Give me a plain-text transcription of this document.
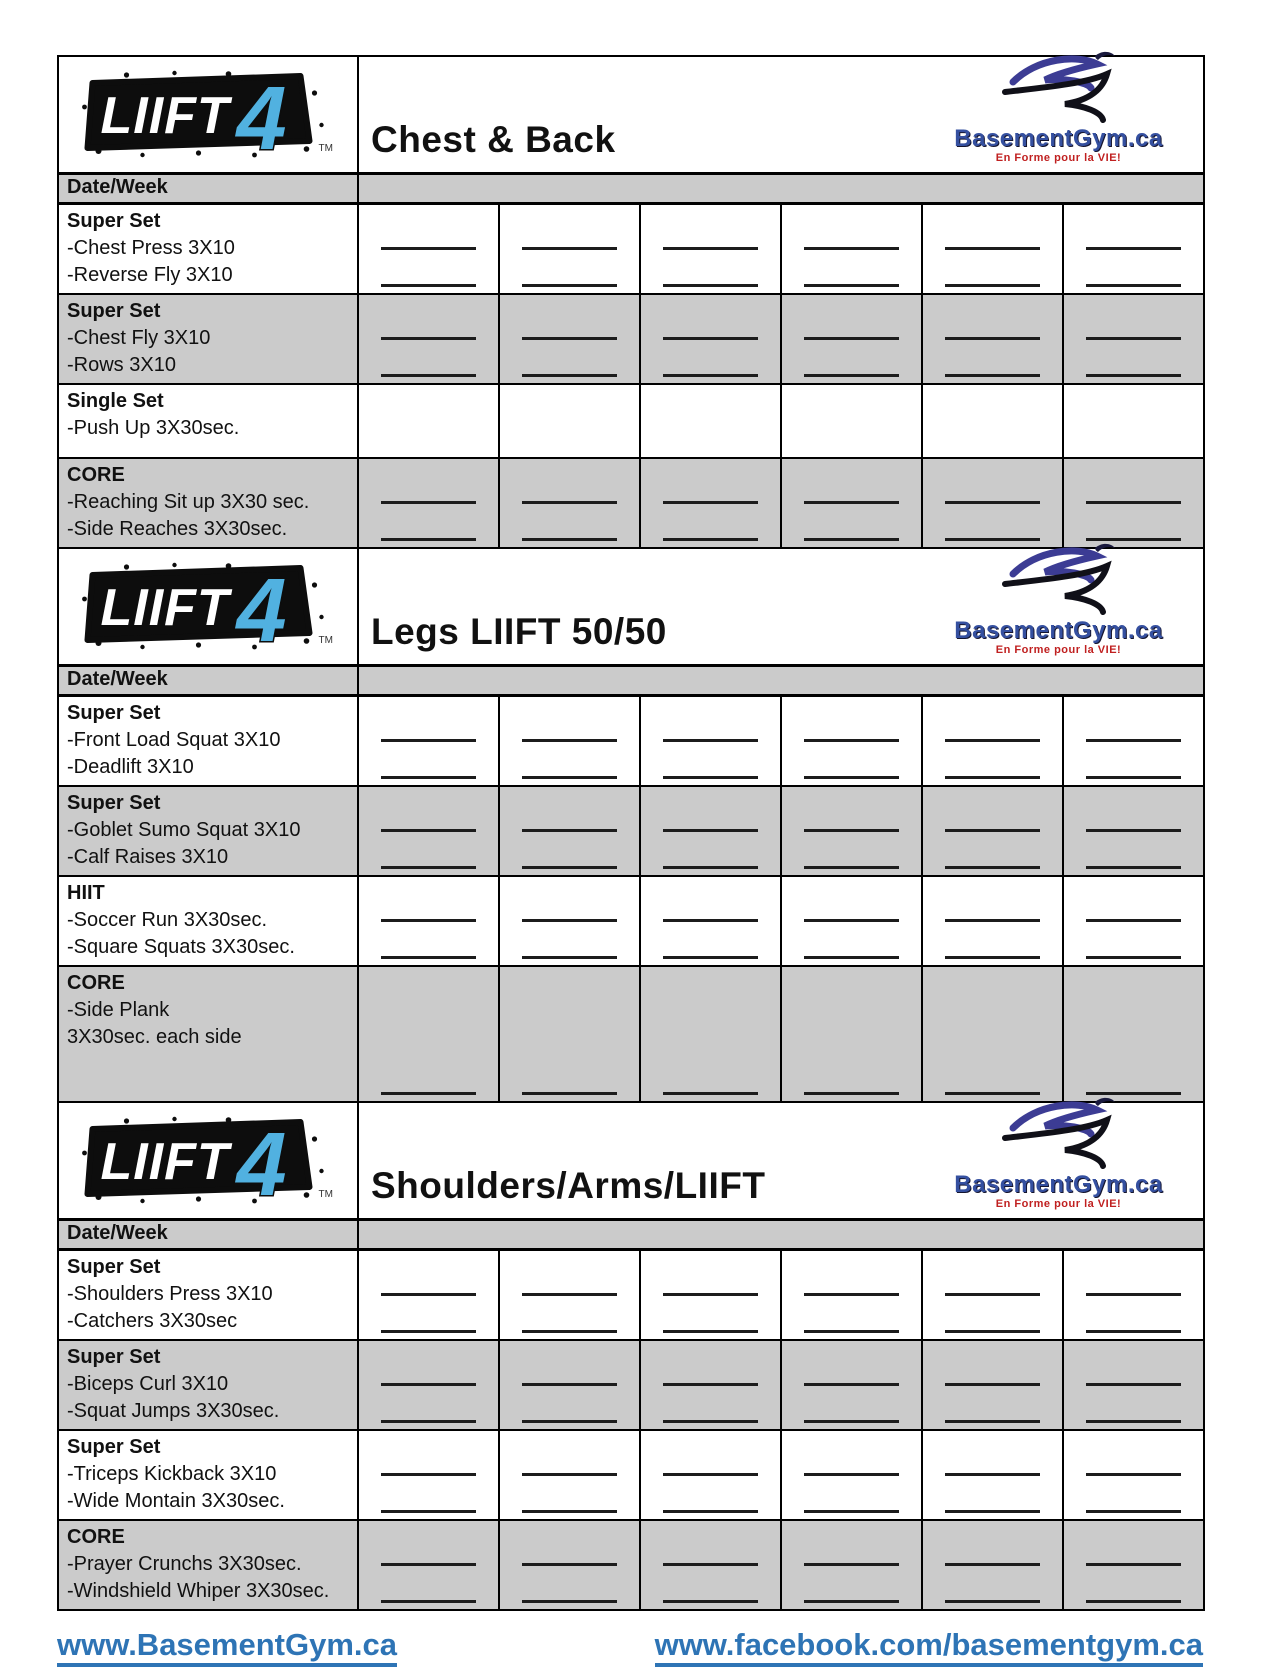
Chest & Back	BasementGym.ca
En Forme pour la VIE!
Date/Week
Super Set
-Chest Press 3X10
-Reverse Fly 3X10
Super Set
-Chest Fly 3X10
-Rows 3X10
Single Set
-Push Up 3X30sec.
CORE
-Reaching Sit up 3X30 sec.
-Side Reaches 3X30sec.
Legs LIIFT 50/50	BasementGym.ca
En Forme pour la VIE!
Date/Week
Super Set
-Front Load Squat 3X10
-Deadlift 3X10
Super Set
-Goblet Sumo Squat 3X10
-Calf Raises 3X10
HIIT
-Soccer Run 3X30sec.
-Square Squats 3X30sec.
CORE
-Side Plank
3X30sec. each side
Shoulders/Arms/LIIFT	BasementGym.ca
En Forme pour la VIE!
Date/Week
Super Set
-Shoulders Press 3X10
-Catchers 3X30sec
Super Set
-Biceps Curl 3X10
-Squat Jumps 3X30sec.
Super Set
-Triceps Kickback 3X10
-Wide Montain 3X30sec.
CORE
-Prayer Crunchs 3X30sec.
-Windshield Whiper 3X30sec.
www.BasementGym.ca	www.facebook.com/basementgym.ca
